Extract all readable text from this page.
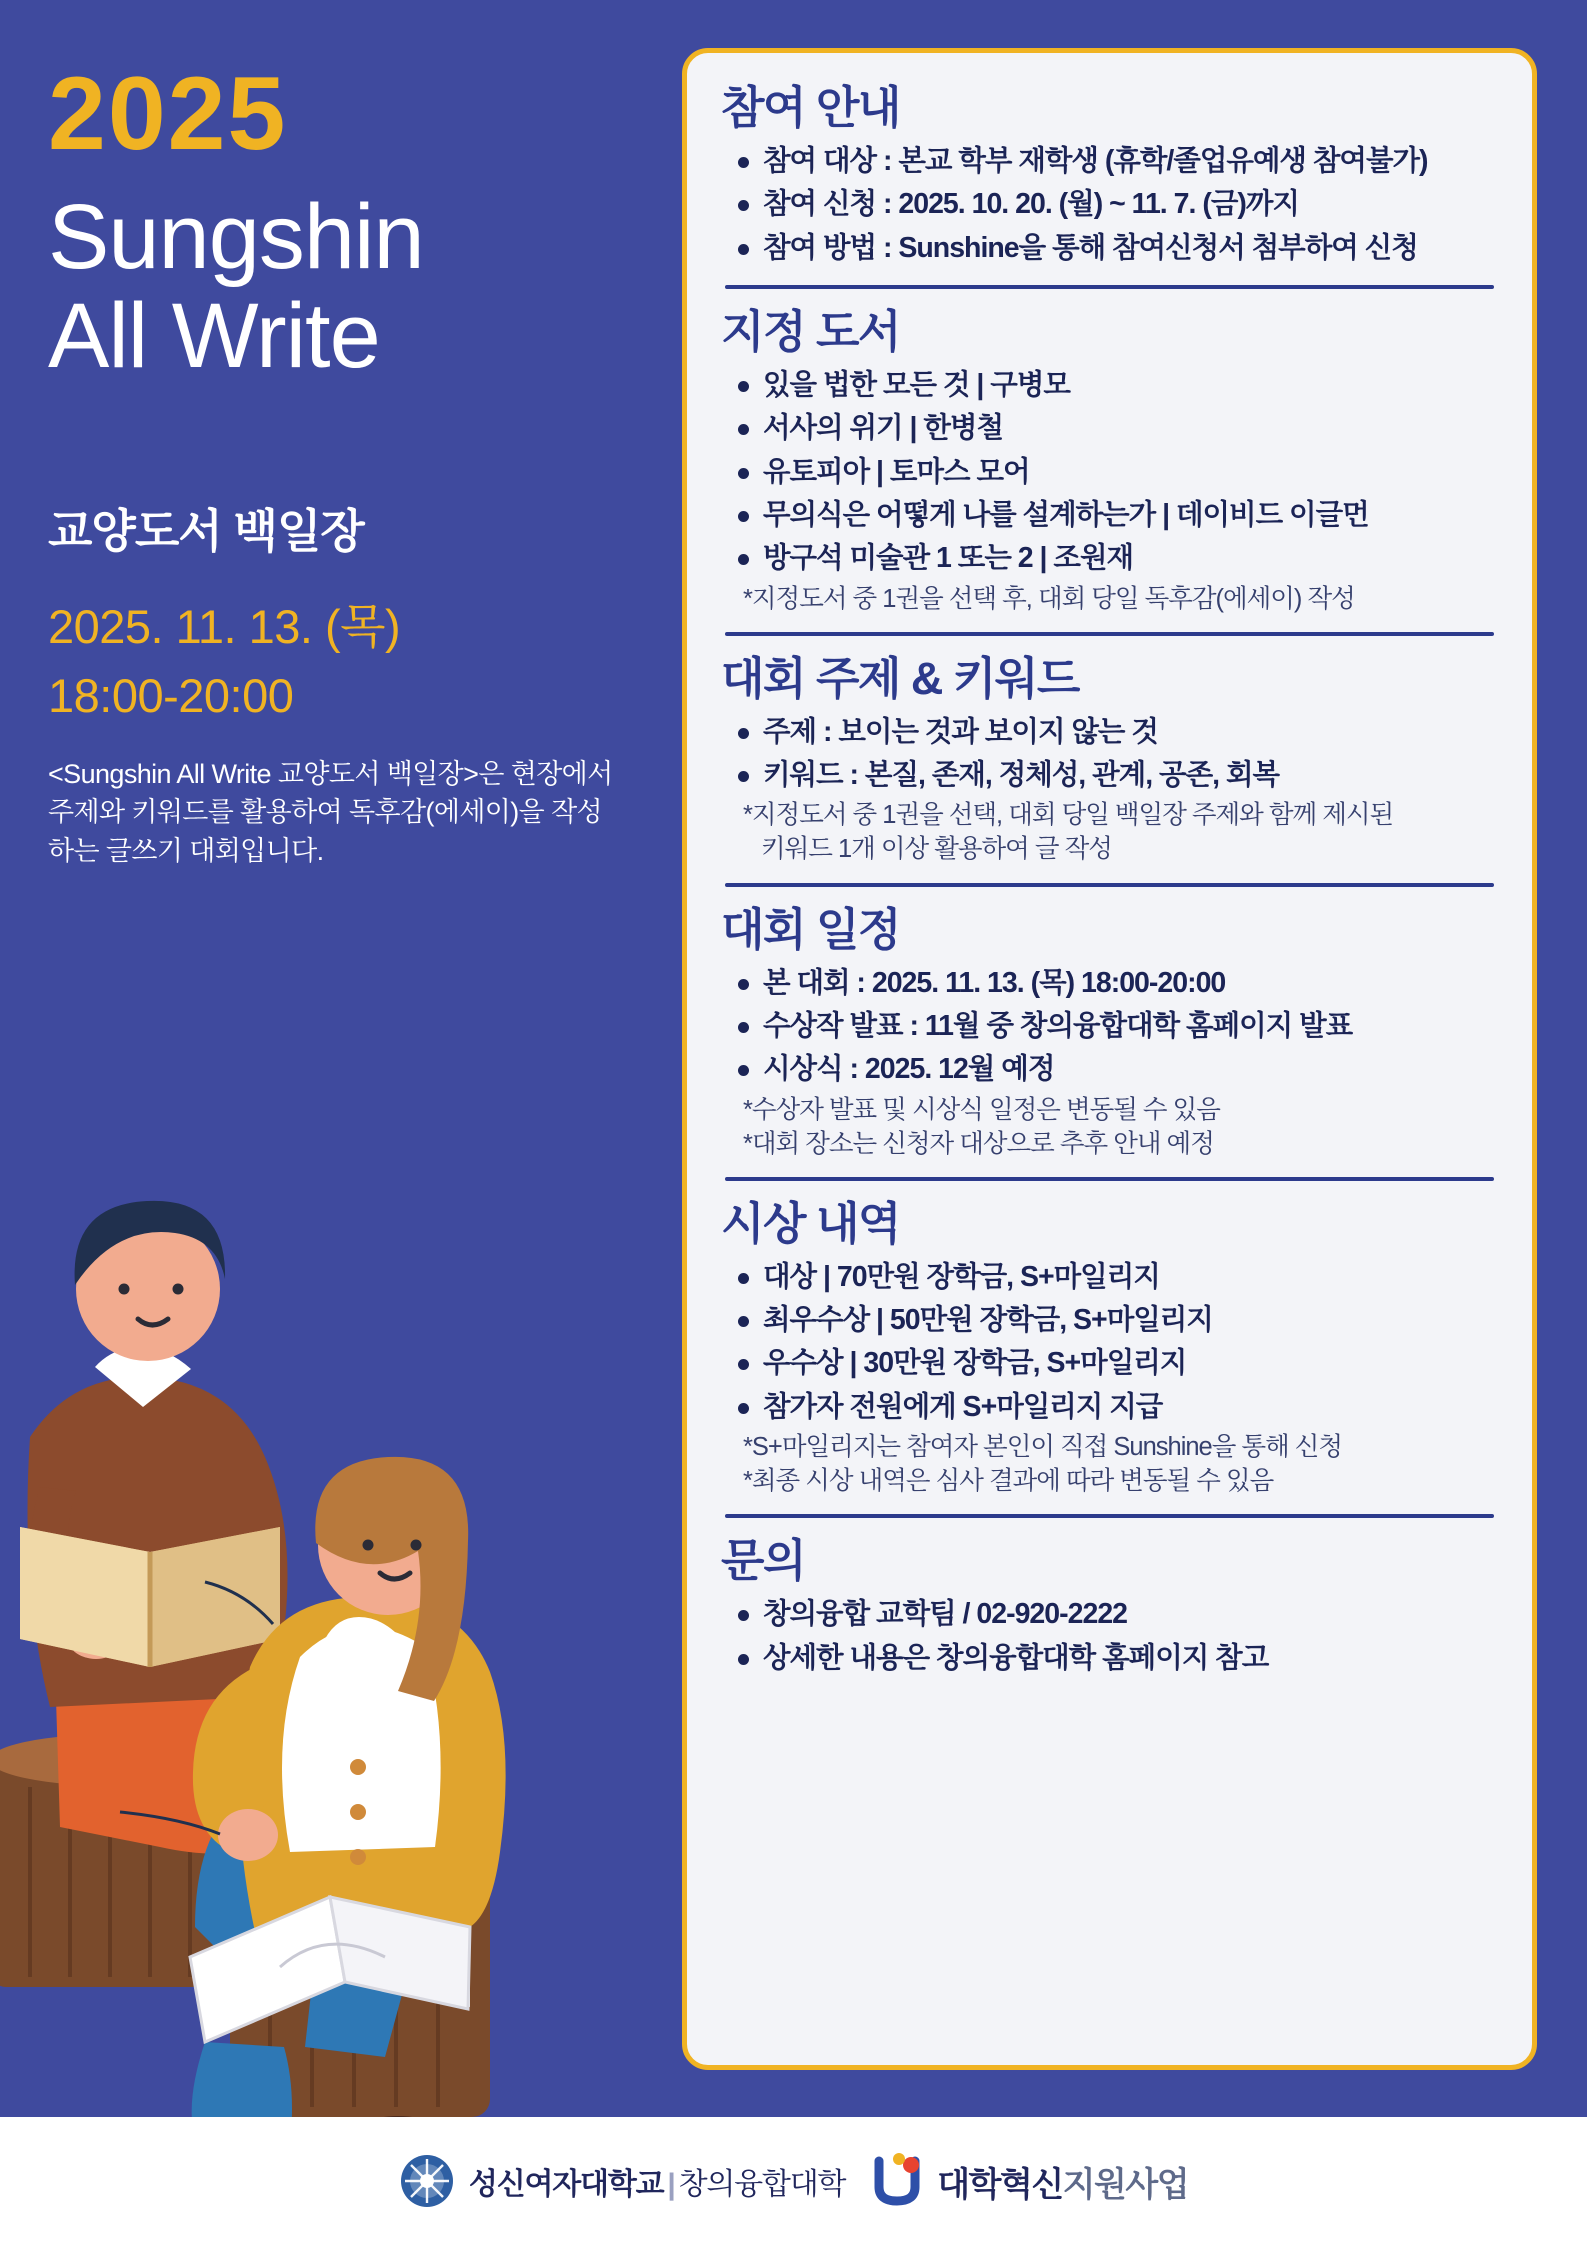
2025
Sungshin
All Write
교양도서 백일장
2025. 11. 13. (목)
18:00-20:00
<Sungshin All Write 교양도서 백일장>은 현장에서 주제와 키워드를 활용하여 독후감(에세이)을 작성하는 글쓰기 대회입니다.
참여 안내
참여 대상 : 본교 학부 재학생 (휴학/졸업유예생 참여불가)
참여 신청 : 2025. 10. 20. (월) ~ 11. 7. (금)까지
참여 방법 : Sunshine을 통해 참여신청서 첨부하여 신청
지정 도서
있을 법한 모든 것 | 구병모
서사의 위기 | 한병철
유토피아 | 토마스 모어
무의식은 어떻게 나를 설계하는가 | 데이비드 이글먼
방구석 미술관 1 또는 2 | 조원재
*지정도서 중 1권을 선택 후, 대회 당일 독후감(에세이) 작성
대회 주제 & 키워드
주제 : 보이는 것과 보이지 않는 것
키워드 : 본질, 존재, 정체성, 관계, 공존, 회복
*지정도서 중 1권을 선택, 대회 당일 백일장 주제와 함께 제시된
키워드 1개 이상 활용하여 글 작성
대회 일정
본 대회 : 2025. 11. 13. (목) 18:00-20:00
수상작 발표 : 11월 중 창의융합대학 홈페이지 발표
시상식 : 2025. 12월 예정
*수상자 발표 및 시상식 일정은 변동될 수 있음
*대회 장소는 신청자 대상으로 추후 안내 예정
시상 내역
대상 | 70만원 장학금, S+마일리지
최우수상 | 50만원 장학금, S+마일리지
우수상 | 30만원 장학금, S+마일리지
참가자 전원에게 S+마일리지 지급
*S+마일리지는 참여자 본인이 직접 Sunshine을 통해 신청
*최종 시상 내역은 심사 결과에 따라 변동될 수 있음
문의
창의융합 교학팀 / 02-920-2222
상세한 내용은 창의융합대학 홈페이지 참고
성신여자대학교 | 창의융합대학	대학혁신지원사업
